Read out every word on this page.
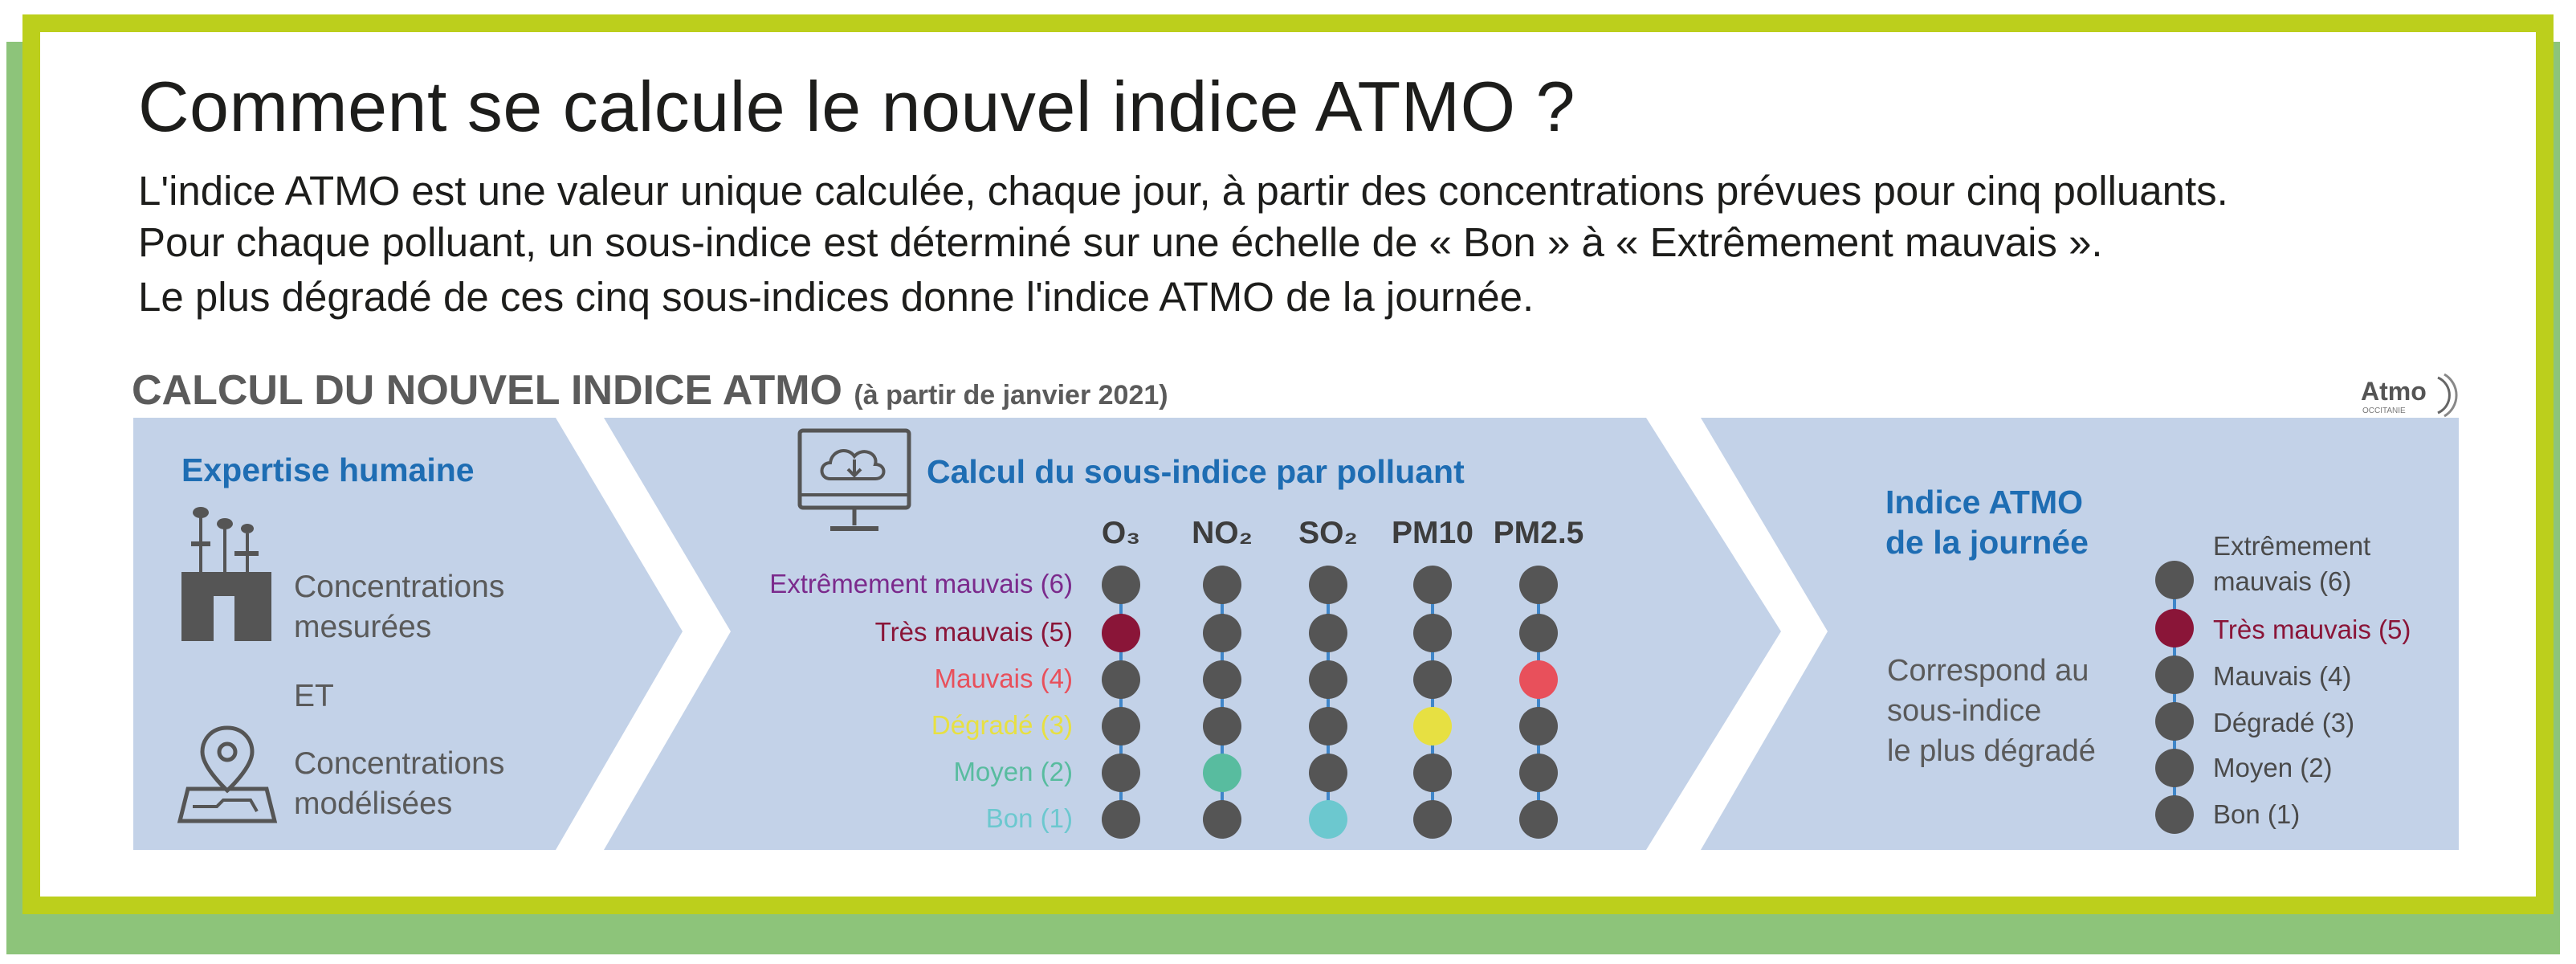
Comment se calcule le nouvel indice ATMO ?
L'indice ATMO est une valeur unique calculée, chaque jour, à partir des concentrations prévues pour cinq polluants.
Pour chaque polluant, un sous-indice est déterminé sur une échelle de « Bon » à « Extrêmement mauvais ».
Le plus dégradé de ces cinq sous-indices donne l'indice ATMO de la journée.
CALCUL DU NOUVEL INDICE ATMO (à partir de janvier 2021)	Atmo
OCCITANIE
Expertise humaine
Concentrations
mesurées
ET
Concentrations
modélisées
Calcul du sous-indice par polluant
O₃	NO₂	SO₂	PM10 PM2.5
Extrêmement mauvais (6)
Très mauvais (5)
Mauvais (4)
Dégradé (3)
Moyen (2)
Bon (1)
Indice ATMO
de la journée
Correspond au
sous-indice
le plus dégradé
Extrêmement
mauvais (6)
Très mauvais (5)
Mauvais (4)
Dégradé (3)
Moyen (2)
Bon (1)
